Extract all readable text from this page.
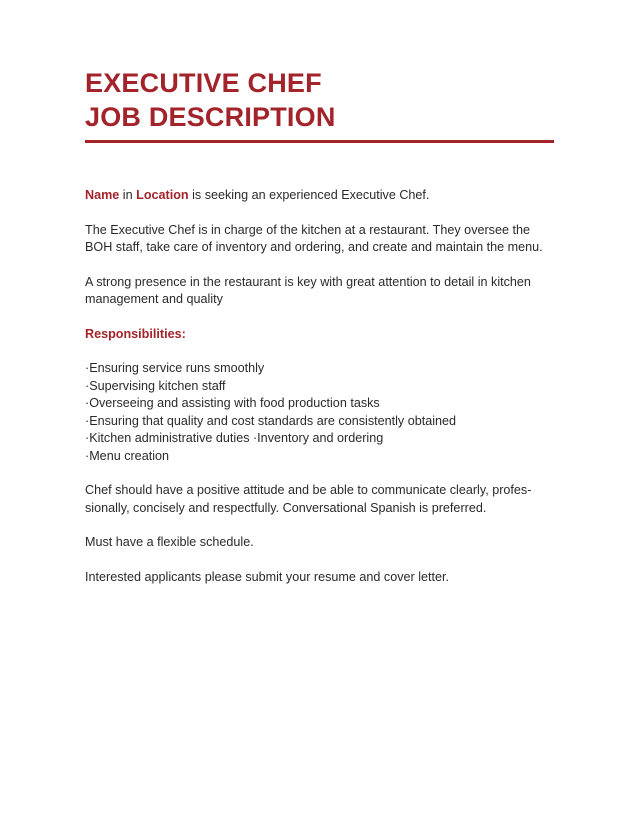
EXECUTIVE CHEF
JOB DESCRIPTION

Name in Location is seeking an experienced Executive Chef.

The Executive Chef is in charge of the kitchen at a restaurant. They oversee the BOH staff, take care of inventory and ordering, and create and maintain the menu.

A strong presence in the restaurant is key with great attention to detail in kitchen management and quality

Responsibilities:
·Ensuring service runs smoothly
·Supervising kitchen staff
·Overseeing and assisting with food production tasks
·Ensuring that quality and cost standards are consistently obtained
·Kitchen administrative duties ·Inventory and ordering
·Menu creation

Chef should have a positive attitude and be able to communicate clearly, profes-sionally, concisely and respectfully. Conversational Spanish is preferred.

Must have a flexible schedule.

Interested applicants please submit your resume and cover letter.
